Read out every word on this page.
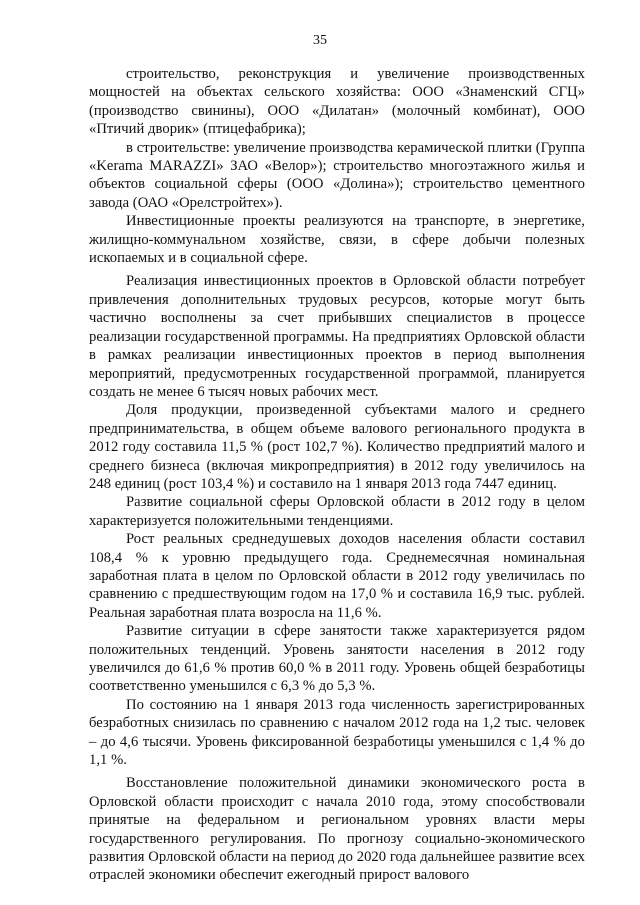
35

строительство, реконструкция и увеличение производственных мощностей на объектах сельского хозяйства: ООО «Знаменский СГЦ» (производство свинины), ООО «Дилатан» (молочный комбинат), ООО «Птичий дворик» (птицефабрика);

в строительстве: увеличение производства керамической плитки (Группа «Kerama MARAZZI» ЗАО «Велор»); строительство многоэтажного жилья и объектов социальной сферы (ООО «Долина»); строительство цементного завода (ОАО «Орелстройтех»).

Инвестиционные проекты реализуются на транспорте, в энергетике, жилищно-коммунальном хозяйстве, связи, в сфере добычи полезных ископаемых и в социальной сфере.

Реализация инвестиционных проектов в Орловской области потребует привлечения дополнительных трудовых ресурсов, которые могут быть частично восполнены за счет прибывших специалистов в процессе реализации государственной программы. На предприятиях Орловской области в рамках реализации инвестиционных проектов в период выполнения мероприятий, предусмотренных государственной программой, планируется создать не менее 6 тысяч новых рабочих мест.

Доля продукции, произведенной субъектами малого и среднего предпринимательства, в общем объеме валового регионального продукта в 2012 году составила 11,5 % (рост 102,7 %). Количество предприятий малого и среднего бизнеса (включая микропредприятия) в 2012 году увеличилось на 248 единиц (рост 103,4 %) и составило на 1 января 2013 года 7447 единиц.

Развитие социальной сферы Орловской области в 2012 году в целом характеризуется положительными тенденциями.

Рост реальных среднедушевых доходов населения области составил 108,4 % к уровню предыдущего года. Среднемесячная номинальная заработная плата в целом по Орловской области в 2012 году увеличилась по сравнению с предшествующим годом на 17,0 % и составила 16,9 тыс. рублей. Реальная заработная плата возросла на 11,6 %.

Развитие ситуации в сфере занятости также характеризуется рядом положительных тенденций. Уровень занятости населения в 2012 году увеличился до 61,6 % против 60,0 % в 2011 году. Уровень общей безработицы соответственно уменьшился с 6,3 % до 5,3 %.

По состоянию на 1 января 2013 года численность зарегистрированных безработных снизилась по сравнению с началом 2012 года на 1,2 тыс. человек – до 4,6 тысячи. Уровень фиксированной безработицы уменьшился с 1,4 % до 1,1 %.

Восстановление положительной динамики экономического роста в Орловской области происходит с начала 2010 года, этому способствовали принятые на федеральном и региональном уровнях власти меры государственного регулирования. По прогнозу социально-экономического развития Орловской области на период до 2020 года дальнейшее развитие всех отраслей экономики обеспечит ежегодный прирост валового
